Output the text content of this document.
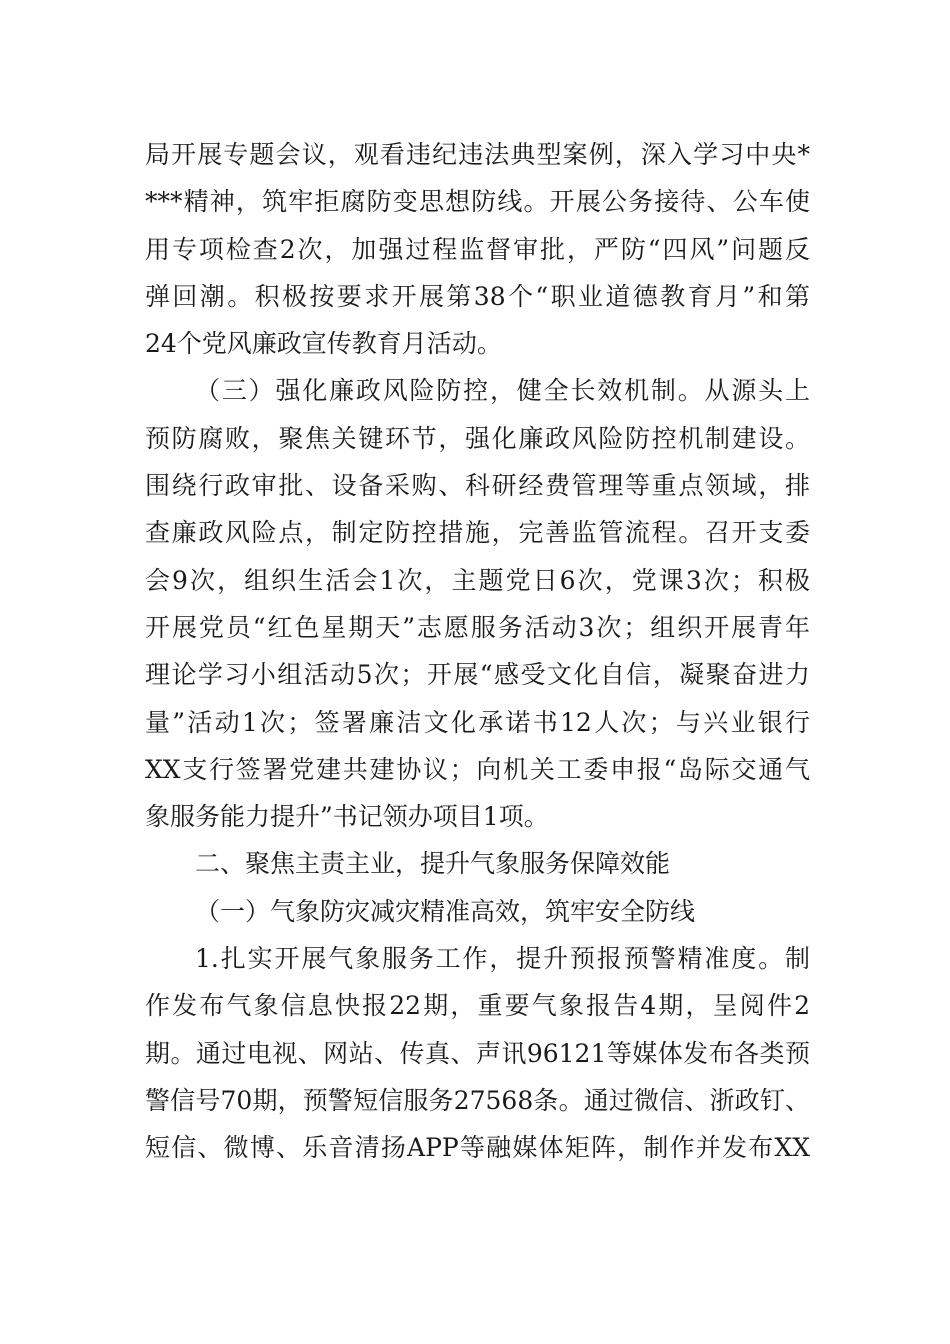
局开展专题会议，观看违纪违法典型案例，深入学习中央*
***精神，筑牢拒腐防变思想防线。开展公务接待、公车使
用专项检查2次，加强过程监督审批，严防“四风”问题反
弹回潮。积极按要求开展第38个“职业道德教育月”和第
24个党风廉政宣传教育月活动。
（三）强化廉政风险防控，健全长效机制。从源头上
预防腐败，聚焦关键环节，强化廉政风险防控机制建设。
围绕行政审批、设备采购、科研经费管理等重点领域，排
查廉政风险点，制定防控措施，完善监管流程。召开支委
会9次，组织生活会1次，主题党日6次，党课3次；积极
开展党员“红色星期天”志愿服务活动3次；组织开展青年
理论学习小组活动5次；开展“感受文化自信，凝聚奋进力
量”活动1次；签署廉洁文化承诺书12人次；与兴业银行
XX支行签署党建共建协议；向机关工委申报“岛际交通气
象服务能力提升”书记领办项目1项。
二、聚焦主责主业，提升气象服务保障效能
（一）气象防灾减灾精准高效，筑牢安全防线
1.扎实开展气象服务工作，提升预报预警精准度。制
作发布气象信息快报22期，重要气象报告4期，呈阅件2
期。通过电视、网站、传真、声讯96121等媒体发布各类预
警信号70期，预警短信服务27568条。通过微信、浙政钉、
短信、微博、乐音清扬APP等融媒体矩阵，制作并发布XX
